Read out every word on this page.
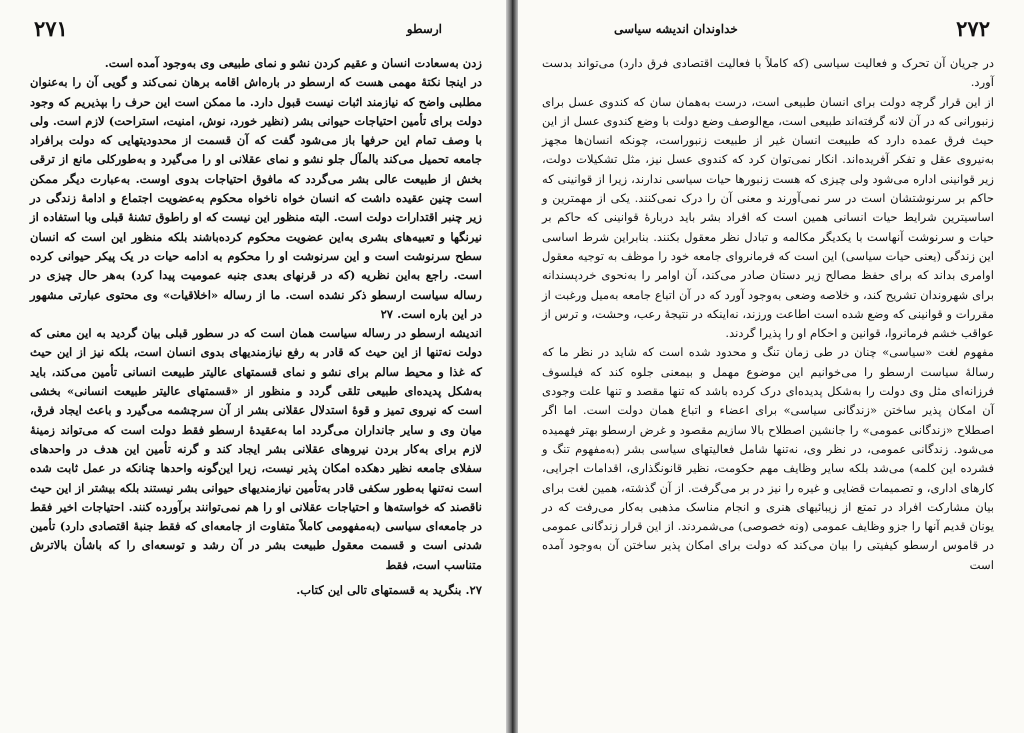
۲۷۲
خداوندان اندیشه سیاسی

در جریان آن تحرک و فعالیت سیاسی (که کاملاً با فعالیت اقتصادی فرق دارد) می‌تواند بدست آورد.

از این قرار گرچه دولت برای انسان طبیعی است، درست به‌همان سان که کندوی عسل برای زنبورانی که در آن لانه گرفته‌اند طبیعی است، مع‌الوصف وضع دولت با وضع کندوی عسل از این حیث فرق عمده دارد که طبیعت انسان غیر از طبیعت زنبوراست، چونکه انسان‌ها مجهز به‌نیروی عقل و تفکر آفریده‌اند. انکار نمی‌توان کرد که کندوی عسل نیز، مثل تشکیلات دولت، زیر قوانینی اداره می‌شود ولی چیزی که هست زنبورها حیات سیاسی ندارند، زیرا از قوانینی که حاکم بر سرنوشتشان است در سر نمی‌آورند و معنی آن را درک نمی‌کنند. یکی از مهمترین و اساسیترین شرایط حیات انسانی همین است که افراد بشر باید دربارهٔ قوانینی که حاکم بر حیات و سرنوشت آنهاست با یکدیگر مکالمه و تبادل نظر معقول بکنند. بنابراین شرط اساسی این زندگی (یعنی حیات سیاسی) این است که فرمانروای جامعه خود را موظف به توجیه معقول اوامری بداند که برای حفظ مصالح زیر دستان صادر می‌کند، آن اوامر را به‌نحوی خردپسندانه برای شهروندان تشریح کند، و خلاصه وضعی به‌وجود آورد که در آن اتباع جامعه به‌میل ورغبت از مقررات و قوانینی که وضع شده است اطاعت ورزند، نه‌اینکه در نتیجهٔ رعب، وحشت، و ترس از عواقب خشم فرمانروا، قوانین و احکام او را پذیرا گردند.

مفهوم لغت «سیاسی» چنان در طی زمان تنگ و محدود شده است که شاید در نظر ما که رسالهٔ سیاست ارسطو را می‌خوانیم این موضوع مهمل و بیمعنی جلوه کند که فیلسوف فرزانه‌ای مثل وی دولت را به‌شکل پدیده‌ای درک کرده باشد که تنها مقصد و تنها علت وجودی آن امکان پذیر ساختن «زندگانی سیاسی» برای اعضاء و اتباع همان دولت است. اما اگر اصطلاح «زندگانی عمومی» را جانشین اصطلاح بالا سازیم مقصود و غرض ارسطو بهتر فهمیده می‌شود. زندگانی عمومی، در نظر وی، نه‌تنها شامل فعالیتهای سیاسی بشر (به‌مفهوم تنگ و فشرده این کلمه) می‌شد بلکه سایر وظایف مهم حکومت، نظیر قانونگذاری، اقدامات اجرایی، کارهای اداری، و تصمیمات قضایی و غیره را نیز در بر می‌گرفت. از آن گذشته، همین لغت برای بیان مشارکت افراد در تمتع از زیبائیهای هنری و انجام مناسک مذهبی به‌کار می‌رفت که در یونان قدیم آنها را جزو وظایف عمومی (ونه خصوصی) می‌شمردند. از این قرار زندگانی عمومی در قاموس ارسطو کیفیتی را بیان می‌کند که دولت برای امکان پذیر ساختن آن به‌وجود آمده است

۲۷۱	ارسطو

زدن به‌سعادت انسان و عقیم کردن نشو و نمای طبیعی وی به‌وجود آمده است.

در اینجا نکتهٔ مهمی هست که ارسطو در باره‌اش اقامه برهان نمی‌کند و گویی آن را به‌عنوان مطلبی واضح که نیازمند اثبات نیست قبول دارد. ما ممکن است این حرف را بپذیریم که وجود دولت برای تأمین احتیاجات حیوانی بشر (نظیر خورد، نوش، امنیت، استراحت) لازم است. ولی با وصف تمام این حرفها باز می‌شود گفت که آن قسمت از محدودیتهایی که دولت برافراد جامعه تحمیل می‌کند بالمآل جلو نشو و نمای عقلانی او را می‌گیرد و به‌طورکلی مانع از ترقی بخش از طبیعت عالی بشر می‌گردد که مافوق احتیاجات بدوی اوست. به‌عبارت دیگر ممکن است چنین عقیده داشت که انسان خواه ناخواه محکوم به‌عضویت اجتماع و ادامهٔ زندگی در زیر چنبر اقتدارات دولت است. البته منظور این نیست که او راطوق تشنهٔ قبلی وبا استفاده از نیرنگها و تعبیه‌های بشری به‌این عضویت محکوم کرده‌باشند بلکه منظور این است که انسان سطح سرنوشت است و این سرنوشت او را محکوم به ادامه حیات در یک پیکر حیوانی کرده است. راجع به‌این نظریه (که در قرنهای بعدی جنبه عمومیت پیدا کرد) به‌هر حال چیزی در رساله سیاست ارسطو ذکر نشده است. ما از رساله «اخلاقیات» وی محتوی عبارتی مشهور در این باره است. ۲۷

اندیشه ارسطو در رساله سیاست همان است که در سطور قبلی بیان گردید به این معنی که دولت نه‌تنها از این حیث که قادر به رفع نیازمندیهای بدوی انسان است، بلکه نیز از این حیث که غذا و محیط سالم برای نشو و نمای قسمتهای عالیتر طبیعت انسانی تأمین می‌کند، باید به‌شکل پدیده‌ای طبیعی تلقی گردد و منظور از «قسمتهای عالیتر طبیعت انسانی» بخشی است که نیروی تمیز و قوهٔ استدلال عقلانی بشر از آن سرچشمه می‌گیرد و باعث ایجاد فرق، میان وی و سایر جانداران می‌گردد اما به‌عقیدهٔ ارسطو فقط دولت است که می‌تواند زمینهٔ لازم برای به‌کار بردن نیروهای عقلانی بشر ایجاد کند و گرنه تأمین این هدف در واحدهای سفلای جامعه نظیر دهکده امکان پذیر نیست، زیرا این‌گونه واحدها چنانکه در عمل ثابت شده است نه‌تنها به‌طور سکفی قادر به‌تأمین نیازمندیهای حیوانی بشر نیستند بلکه بیشتر از این حیث ناقصند که خواسته‌ها و احتیاجات عقلانی او را هم نمی‌توانند برآورده کنند. احتیاجات اخیر فقط در جامعه‌ای سیاسی (به‌مفهومی کاملاً متفاوت از جامعه‌ای که فقط جنبهٔ اقتصادی دارد) تأمین شدنی است و قسمت معقول طبیعت بشر در آن رشد و توسعه‌ای را که باشأن بالاترش متناسب است، فقط

۲۷. بنگرید به قسمتهای تالی این کتاب.
